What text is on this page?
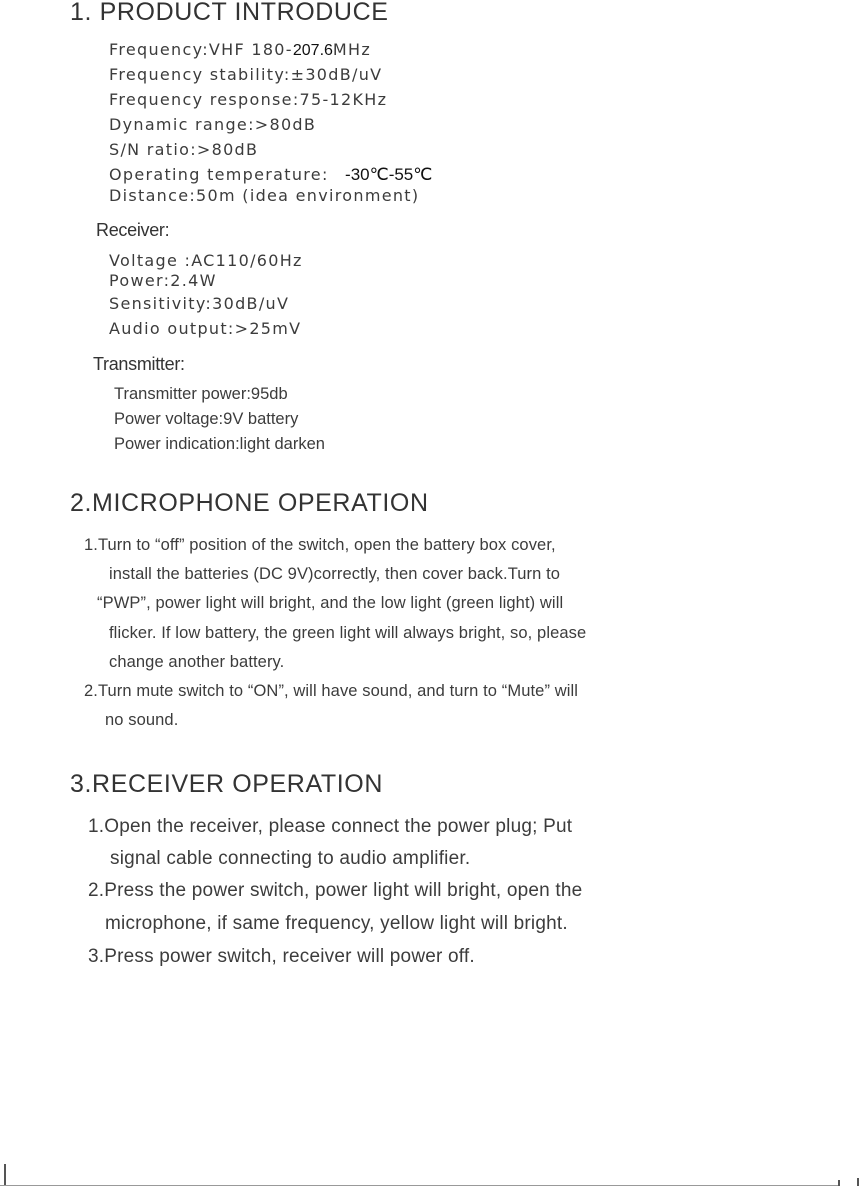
1. PRODUCT INTRODUCE
Frequency:VHF 180-207.6MHz
Frequency stability:±30dB/uV
Frequency response:75-12KHz
Dynamic range:>80dB
S/N ratio:>80dB
Operating temperature: -30℃-55℃
Distance:50m (idea environment)
Receiver:
Voltage :AC110/60Hz
Power:2.4W
Sensitivity:30dB/uV
Audio output:>25mV
Transmitter:
Transmitter power:95db
Power voltage:9V battery
Power indication:light darken
2.MICROPHONE OPERATION
1.Turn to “off” position of the switch, open the battery box cover,
install the batteries (DC 9V)correctly, then cover back.Turn to
“PWP”, power light will bright, and the low light (green light) will
flicker. If low battery, the green light will always bright, so, please
change another battery.
2.Turn mute switch to “ON”, will have sound, and turn to “Mute” will
no sound.
3.RECEIVER OPERATION
1.Open the receiver, please connect the power plug; Put
signal cable connecting to audio amplifier.
2.Press the power switch, power light will bright, open the
microphone, if same frequency, yellow light will bright.
3.Press power switch, receiver will power off.
